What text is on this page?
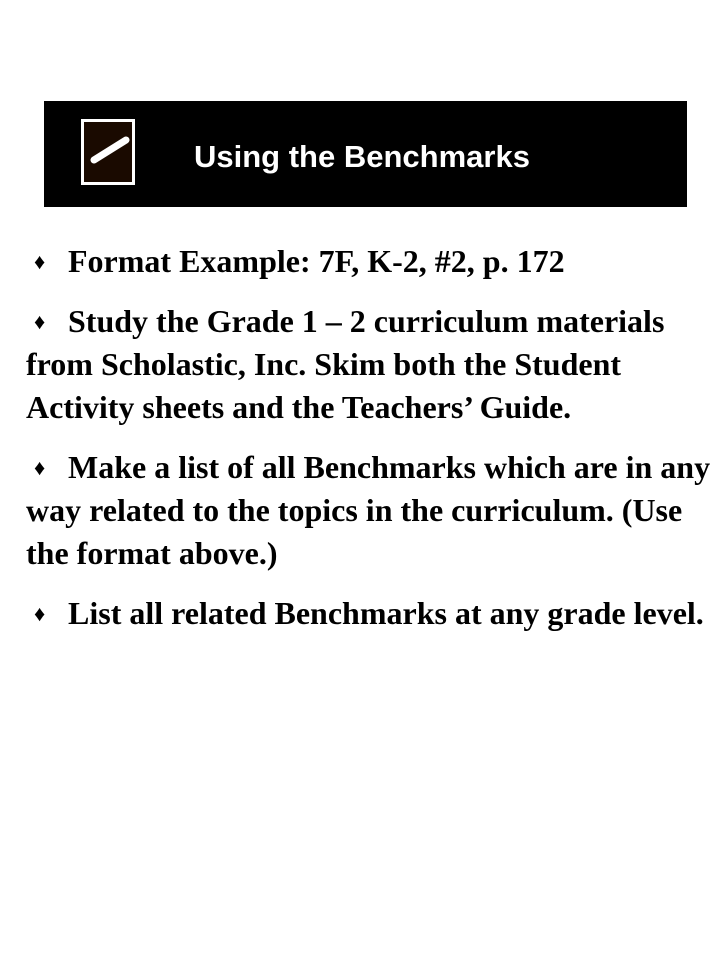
Using the Benchmarks

♦ Format Example: 7F, K-2, #2, p. 172

♦ Study the Grade 1 – 2 curriculum materials from Scholastic, Inc. Skim both the Student Activity sheets and the Teachers’ Guide.

♦ Make a list of all Benchmarks which are in any way related to the topics in the curriculum. (Use the format above.)

♦ List all related Benchmarks at any grade level.
